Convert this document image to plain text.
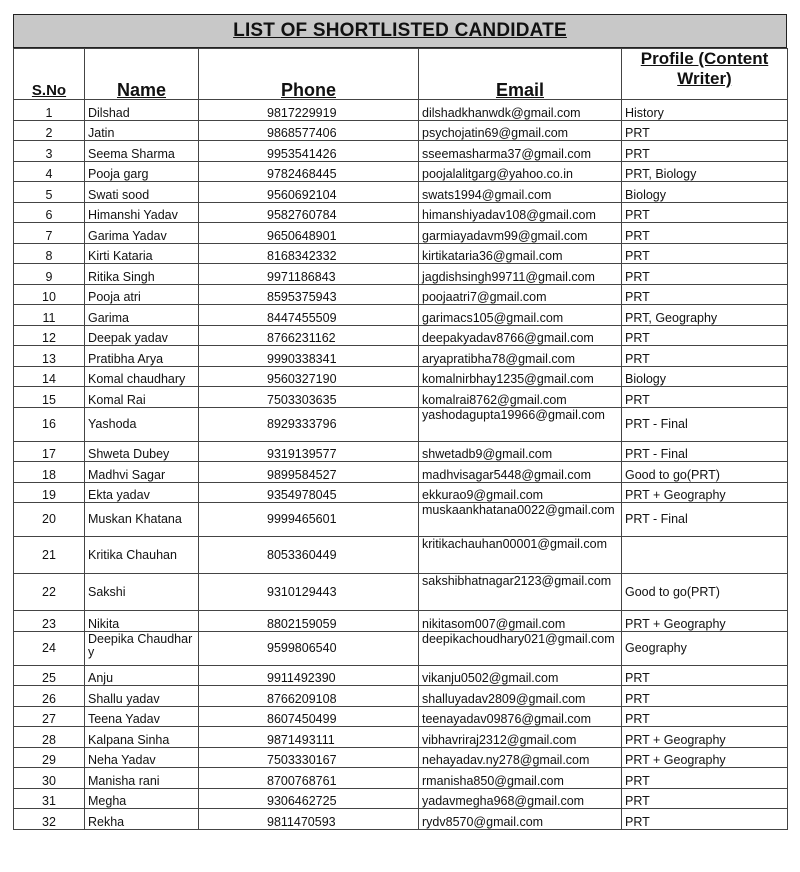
LIST OF SHORTLISTED CANDIDATE
S.No	Name	Phone	Email	Profile (Content Writer)
1	Dilshad	9817229919	dilshadkhanwdk@gmail.com	History
2	Jatin	9868577406	psychojatin69@gmail.com	PRT
3	Seema Sharma	9953541426	sseemasharma37@gmail.com	PRT
4	Pooja garg	9782468445	poojalalitgarg@yahoo.co.in	PRT, Biology
5	Swati sood	9560692104	swats1994@gmail.com	Biology
6	Himanshi Yadav	9582760784	himanshiyadav108@gmail.com	PRT
7	Garima Yadav	9650648901	garmiayadavm99@gmail.com	PRT
8	Kirti Kataria	8168342332	kirtikataria36@gmail.com	PRT
9	Ritika Singh	9971186843	jagdishsingh99711@gmail.com	PRT
10	Pooja atri	8595375943	poojaatri7@gmail.com	PRT
11	Garima	8447455509	garimacs105@gmail.com	PRT, Geography
12	Deepak yadav	8766231162	deepakyadav8766@gmail.com	PRT
13	Pratibha Arya	9990338341	aryapratibha78@gmail.com	PRT
14	Komal chaudhary	9560327190	komalnirbhay1235@gmail.com	Biology
15	Komal Rai	7503303635	komalrai8762@gmail.com	PRT
16	Yashoda	8929333796	yashodagupta19966@gmail.com	PRT - Final
17	Shweta Dubey	9319139577	shwetadb9@gmail.com	PRT - Final
18	Madhvi Sagar	9899584527	madhvisagar5448@gmail.com	Good to go(PRT)
19	Ekta yadav	9354978045	ekkurao9@gmail.com	PRT + Geography
20	Muskan Khatana	9999465601	muskaankhatana0022@gmail.com	PRT - Final
21	Kritika Chauhan	8053360449	kritikachauhan00001@gmail.com	
22	Sakshi	9310129443	sakshibhatnagar2123@gmail.com	Good to go(PRT)
23	Nikita	8802159059	nikitasom007@gmail.com	PRT + Geography
24	Deepika Chaudhary	9599806540	deepikachoudhary021@gmail.com	Geography
25	Anju	9911492390	vikanju0502@gmail.com	PRT
26	Shallu yadav	8766209108	shalluyadav2809@gmail.com	PRT
27	Teena Yadav	8607450499	teenayadav09876@gmail.com	PRT
28	Kalpana Sinha	9871493111	vibhavriraj2312@gmail.com	PRT + Geography
29	Neha Yadav	7503330167	nehayadav.ny278@gmail.com	PRT + Geography
30	Manisha rani	8700768761	rmanisha850@gmail.com	PRT
31	Megha	9306462725	yadavmegha968@gmail.com	PRT
32	Rekha	9811470593	rydv8570@gmail.com	PRT
